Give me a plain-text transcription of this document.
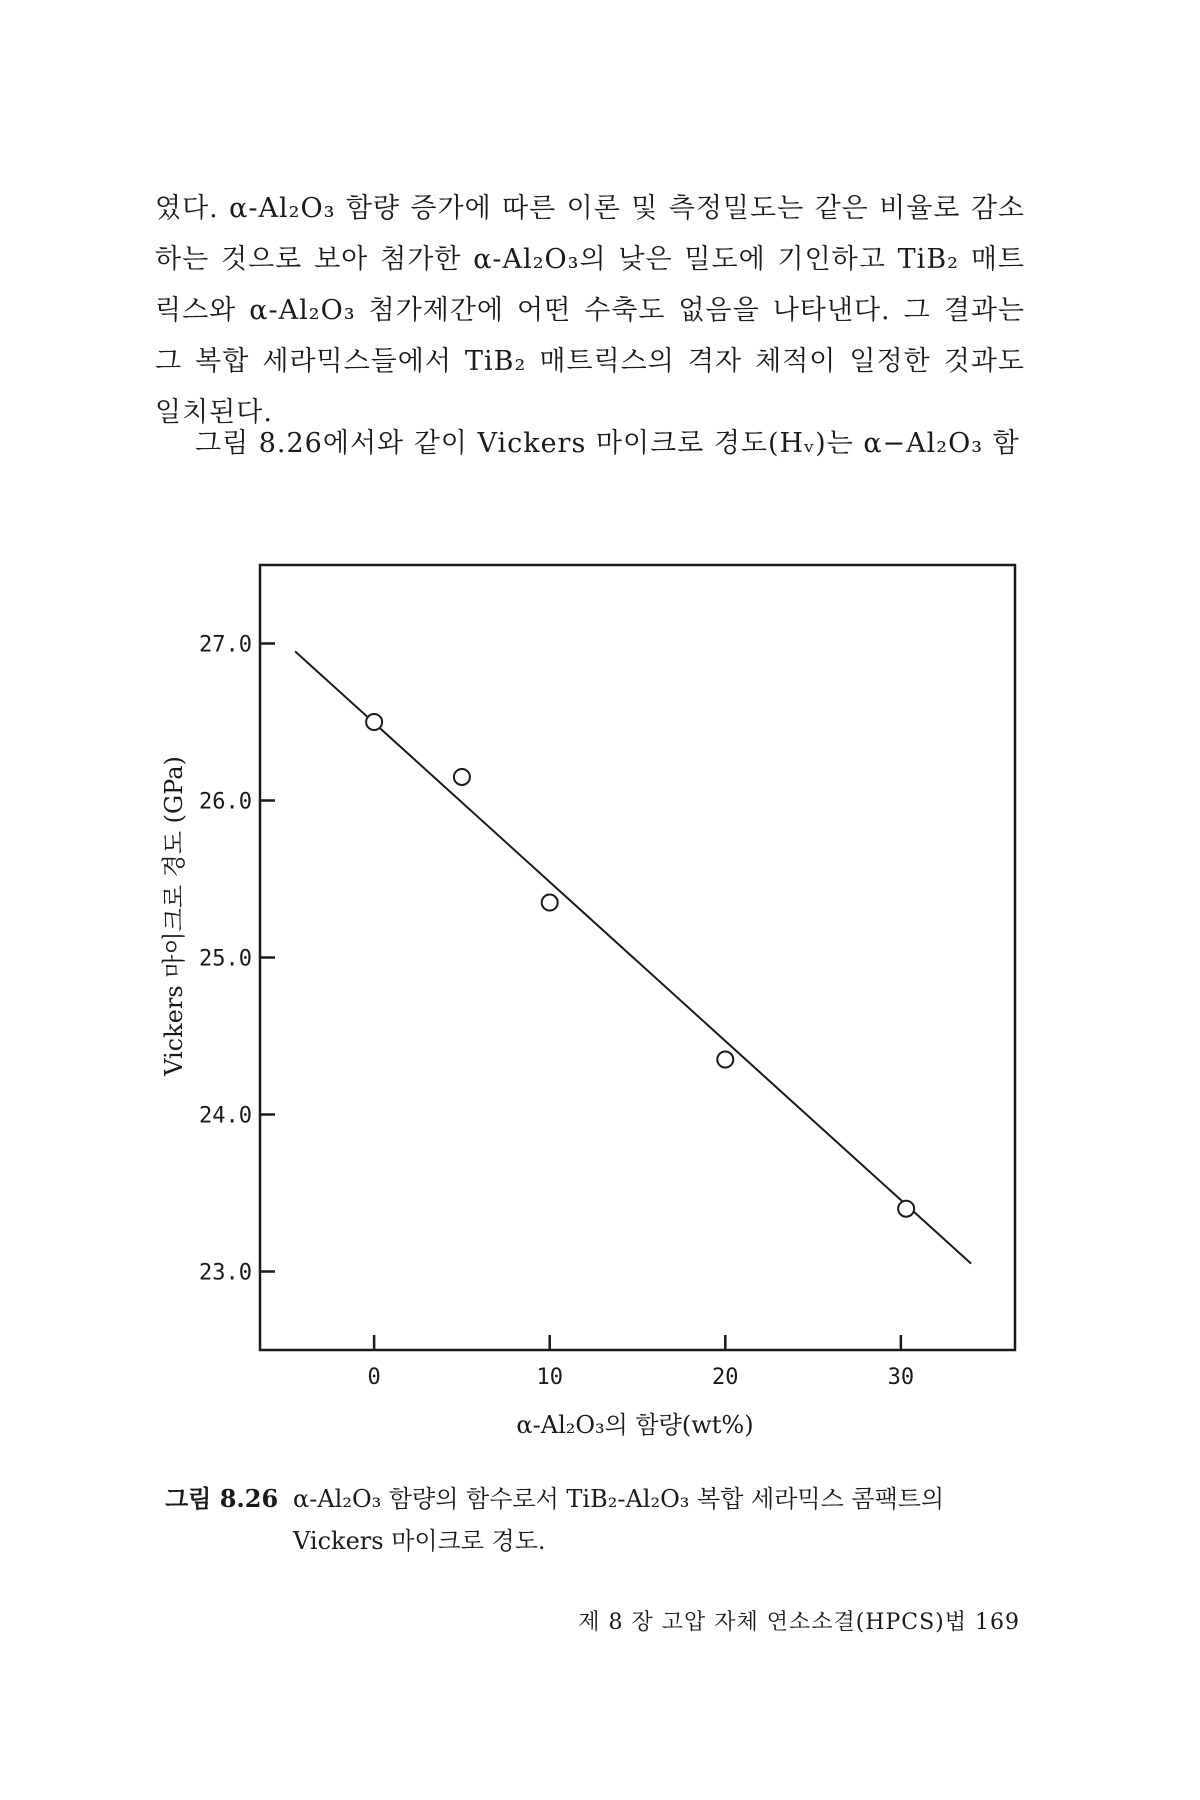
였다. α-Al₂O₃ 함량 증가에 따른 이론 및 측정밀도는 같은 비율로 감소하는 것으로 보아 첨가한 α-Al₂O₃의 낮은 밀도에 기인하고 TiB₂ 매트릭스와 α-Al₂O₃ 첨가제간에 어떤 수축도 없음을 나타낸다. 그 결과는 그 복합 세라믹스들에서 TiB₂ 매트릭스의 격자 체적이 일정한 것과도 일치된다.
그림 8.26에서와 같이 Vickers 마이크로 경도(Hᵥ)는 α−Al₂O₃ 함
27.0
26.0
25.0
24.0
23.0
0	10	20	30
Vickers 마이크로 경도 (GPa)
α-Al₂O₃의 함량(wt%)
그림 8.26 α-Al₂O₃ 함량의 함수로서 TiB₂-Al₂O₃ 복합 세라믹스 콤팩트의
Vickers 마이크로 경도.
제 8 장 고압 자체 연소소결(HPCS)법 169
